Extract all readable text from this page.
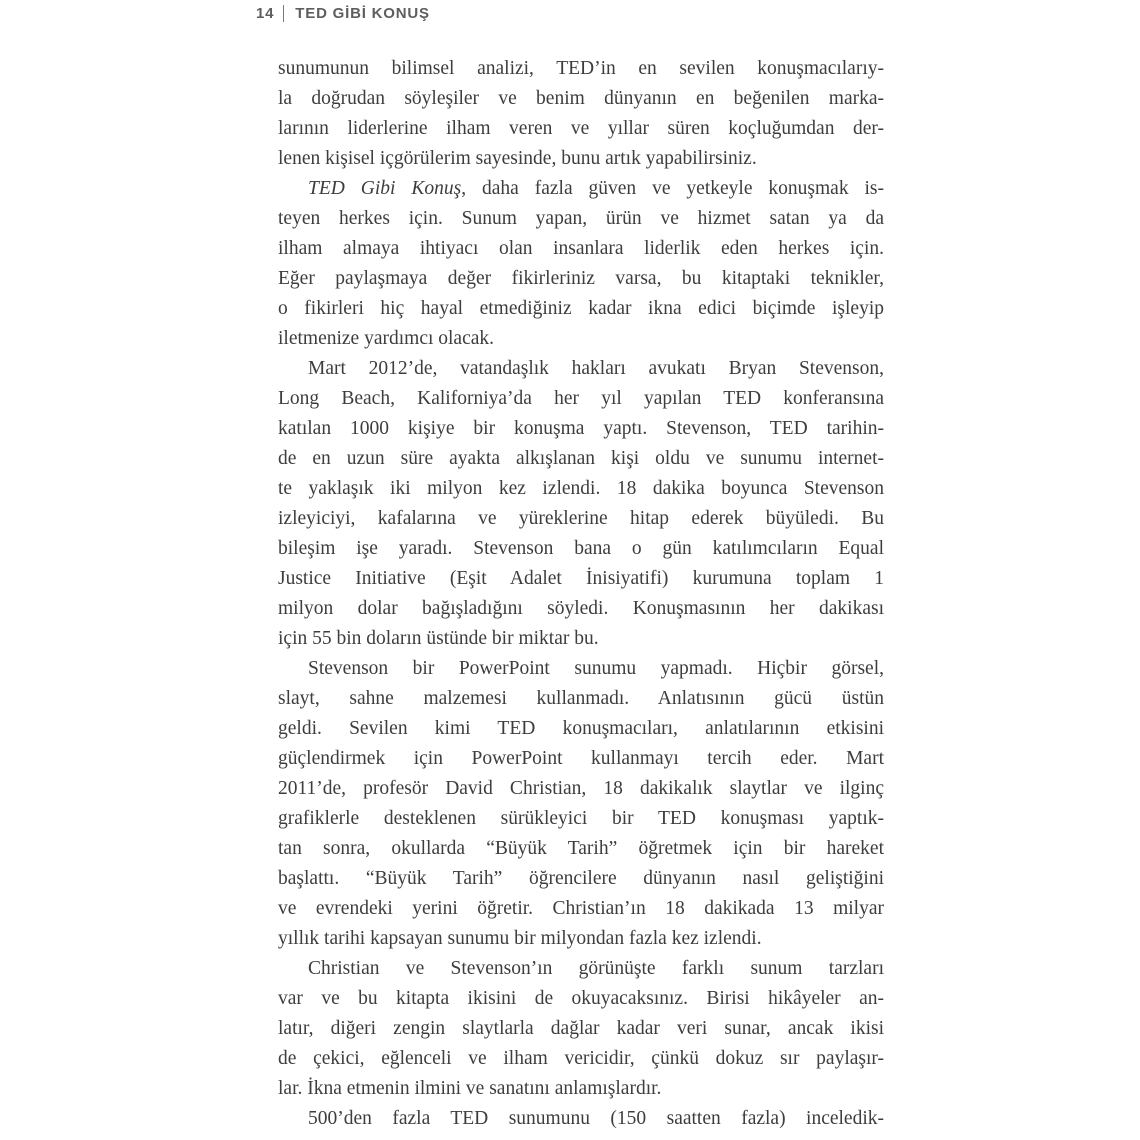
14 TED GİBİ KONUŞ
sunumunun bilimsel analizi, TED’in en sevilen konuşmacılarıy-
la doğrudan söyleşiler ve benim dünyanın en beğenilen marka-
larının liderlerine ilham veren ve yıllar süren koçluğumdan der-
lenen kişisel içgörülerim sayesinde, bunu artık yapabilirsiniz.
TED Gibi Konuş, daha fazla güven ve yetkeyle konuşmak is-
teyen herkes için. Sunum yapan, ürün ve hizmet satan ya da
ilham almaya ihtiyacı olan insanlara liderlik eden herkes için.
Eğer paylaşmaya değer fikirleriniz varsa, bu kitaptaki teknikler,
o fikirleri hiç hayal etmediğiniz kadar ikna edici biçimde işleyip
iletmenize yardımcı olacak.
Mart 2012’de, vatandaşlık hakları avukatı Bryan Stevenson,
Long Beach, Kaliforniya’da her yıl yapılan TED konferansına
katılan 1000 kişiye bir konuşma yaptı. Stevenson, TED tarihin-
de en uzun süre ayakta alkışlanan kişi oldu ve sunumu internet-
te yaklaşık iki milyon kez izlendi. 18 dakika boyunca Stevenson
izleyiciyi, kafalarına ve yüreklerine hitap ederek büyüledi. Bu
bileşim işe yaradı. Stevenson bana o gün katılımcıların Equal
Justice Initiative (Eşit Adalet İnisiyatifi) kurumuna toplam 1
milyon dolar bağışladığını söyledi. Konuşmasının her dakikası
için 55 bin doların üstünde bir miktar bu.
Stevenson bir PowerPoint sunumu yapmadı. Hiçbir görsel,
slayt, sahne malzemesi kullanmadı. Anlatısının gücü üstün
geldi. Sevilen kimi TED konuşmacıları, anlatılarının etkisini
güçlendirmek için PowerPoint kullanmayı tercih eder. Mart
2011’de, profesör David Christian, 18 dakikalık slaytlar ve ilginç
grafiklerle desteklenen sürükleyici bir TED konuşması yaptık-
tan sonra, okullarda “Büyük Tarih” öğretmek için bir hareket
başlattı. “Büyük Tarih” öğrencilere dünyanın nasıl geliştiğini
ve evrendeki yerini öğretir. Christian’ın 18 dakikada 13 milyar
yıllık tarihi kapsayan sunumu bir milyondan fazla kez izlendi.
Christian ve Stevenson’ın görünüşte farklı sunum tarzları
var ve bu kitapta ikisini de okuyacaksınız. Birisi hikâyeler an-
latır, diğeri zengin slaytlarla dağlar kadar veri sunar, ancak ikisi
de çekici, eğlenceli ve ilham vericidir, çünkü dokuz sır paylaşır-
lar. İkna etmenin ilmini ve sanatını anlamışlardır.
500’den fazla TED sunumunu (150 saatten fazla) inceledik-
